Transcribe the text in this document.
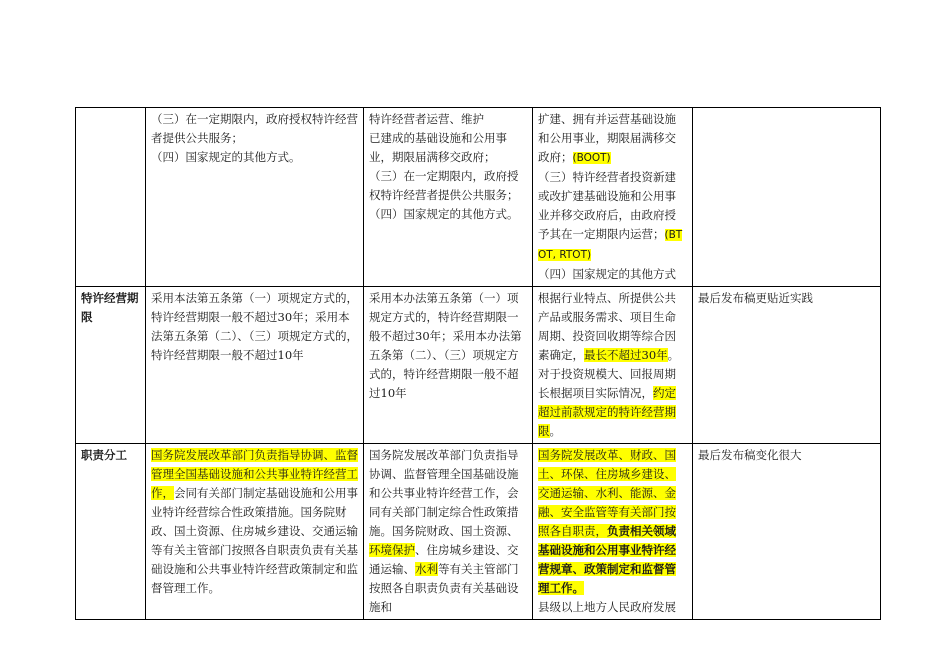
	（三）在一定期限内，政府授权特许经营者提供公共服务；
（四）国家规定的其他方式。	特许经营者运营、维护
已建成的基础设施和公用事业，期限届满移交政府；
（三）在一定期限内，政府授权特许经营者提供公共服务；
（四）国家规定的其他方式。	扩建、拥有并运营基础设施和公用事业，期限届满移交政府；(BOOT)
（三）特许经营者投资新建或改扩建基础设施和公用事业并移交政府后，由政府授予其在一定期限内运营；(BTOT, RTOT)
（四）国家规定的其他方式	

特许经营期限	采用本法第五条第（一）项规定方式的，特许经营期限一般不超过30年；采用本法第五条第（二）、（三）项规定方式的，特许经营期限一般不超过10年	采用本办法第五条第（一）项规定方式的，特许经营期限一般不超过30年；采用本办法第五条第（二）、（三）项规定方式的，特许经营期限一般不超过10年	根据行业特点、所提供公共产品或服务需求、项目生命周期、投资回收期等综合因素确定，最长不超过30年。
对于投资规模大、回报周期长根据项目实际情况，约定超过前款规定的特许经营期限。	最后发布稿更贴近实践
职责分工	国务院发展改革部门负责指导协调、监督管理全国基础设施和公共事业特许经营工作，会同有关部门制定基础设施和公用事业特许经营综合性政策措施。国务院财政、国土资源、住房城乡建设、交通运输等有关主管部门按照各自职责负责有关基础设施和公共事业特许经营政策制定和监督管理工作。	国务院发展改革部门负责指导协调、监督管理全国基础设施和公共事业特许经营工作，会同有关部门制定综合性政策措施。国务院财政、国土资源、环境保护、住房城乡建设、交通运输、水利等有关主管部门按照各自职责负责有关基础设施和	国务院发展改革、财政、国土、环保、住房城乡建设、交通运输、水利、能源、金融、安全监管等有关部门按照各自职责，负责相关领域基础设施和公用事业特许经营规章、政策制定和监督管理工作。
县级以上地方人民政府发展	最后发布稿变化很大
